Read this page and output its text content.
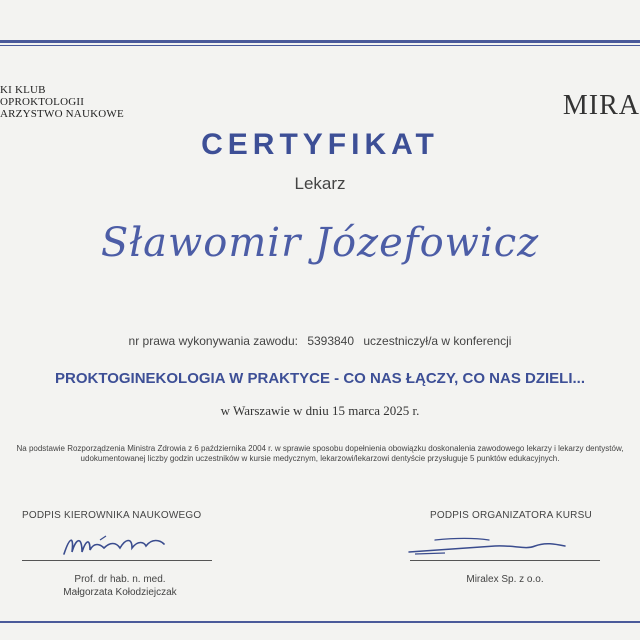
KI KLUB
OPROKTOLOGII
ARZYSTWO NAUKOWE	MIRA
CERTYFIKAT
Lekarz
Sławomir Józefowicz
nr prawa wykonywania zawodu: 5393840 uczestniczył/a w konferencji
PROKTOGINEKOLOGIA W PRAKTYCE - CO NAS ŁĄCZY, CO NAS DZIELI...
w Warszawie w dniu 15 marca 2025 r.
Na podstawie Rozporządzenia Ministra Zdrowia z 6 października 2004 r. w sprawie sposobu dopełnienia obowiązku doskonalenia zawodowego lekarzy i lekarzy dentystów,
udokumentowanej liczby godzin uczestników w kursie medycznym, lekarzowi/lekarzowi dentyście przysługuje 5 punktów edukacyjnych.
PODPIS KIEROWNIKA NAUKOWEGO	PODPIS ORGANIZATORA KURSU
Prof. dr hab. n. med.
Małgorzata Kołodziejczak
Miralex Sp. z o.o.
